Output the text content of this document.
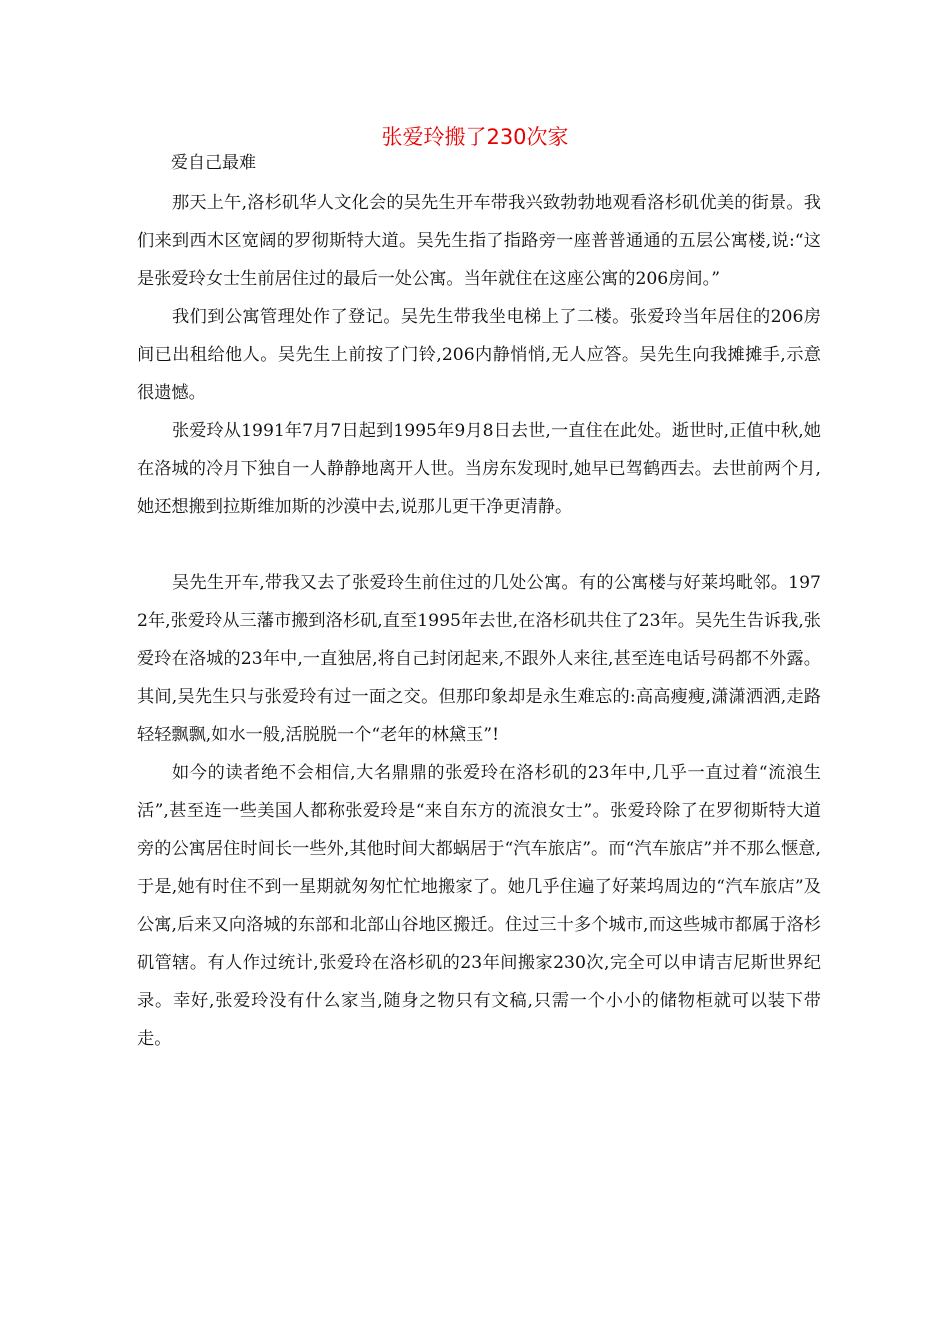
张爱玲搬了230次家
爱自己最难

那天上午,洛杉矶华人文化会的吴先生开车带我兴致勃勃地观看洛杉矶优美的街景。我们来到西木区宽阔的罗彻斯特大道。吴先生指了指路旁一座普普通通的五层公寓楼,说:“这是张爱玲女士生前居住过的最后一处公寓。当年就住在这座公寓的206房间。”

我们到公寓管理处作了登记。吴先生带我坐电梯上了二楼。张爱玲当年居住的206房间已出租给他人。吴先生上前按了门铃,206内静悄悄,无人应答。吴先生向我摊摊手,示意很遗憾。

张爱玲从1991年7月7日起到1995年9月8日去世,一直住在此处。逝世时,正值中秋,她在洛城的冷月下独自一人静静地离开人世。当房东发现时,她早已驾鹤西去。去世前两个月,她还想搬到拉斯维加斯的沙漠中去,说那儿更干净更清静。

吴先生开车,带我又去了张爱玲生前住过的几处公寓。有的公寓楼与好莱坞毗邻。1972年,张爱玲从三藩市搬到洛杉矶,直至1995年去世,在洛杉矶共住了23年。吴先生告诉我,张爱玲在洛城的23年中,一直独居,将自己封闭起来,不跟外人来往,甚至连电话号码都不外露。其间,吴先生只与张爱玲有过一面之交。但那印象却是永生难忘的:高高瘦瘦,潇潇洒洒,走路轻轻飘飘,如水一般,活脱脱一个“老年的林黛玉”!

如今的读者绝不会相信,大名鼎鼎的张爱玲在洛杉矶的23年中,几乎一直过着“流浪生活”,甚至连一些美国人都称张爱玲是“来自东方的流浪女士”。张爱玲除了在罗彻斯特大道旁的公寓居住时间长一些外,其他时间大都蜗居于“汽车旅店”。而“汽车旅店”并不那么惬意,于是,她有时住不到一星期就匆匆忙忙地搬家了。她几乎住遍了好莱坞周边的“汽车旅店”及公寓,后来又向洛城的东部和北部山谷地区搬迁。住过三十多个城市,而这些城市都属于洛杉矶管辖。有人作过统计,张爱玲在洛杉矶的23年间搬家230次,完全可以申请吉尼斯世界纪录。幸好,张爱玲没有什么家当,随身之物只有文稿,只需一个小小的储物柜就可以装下带走。
